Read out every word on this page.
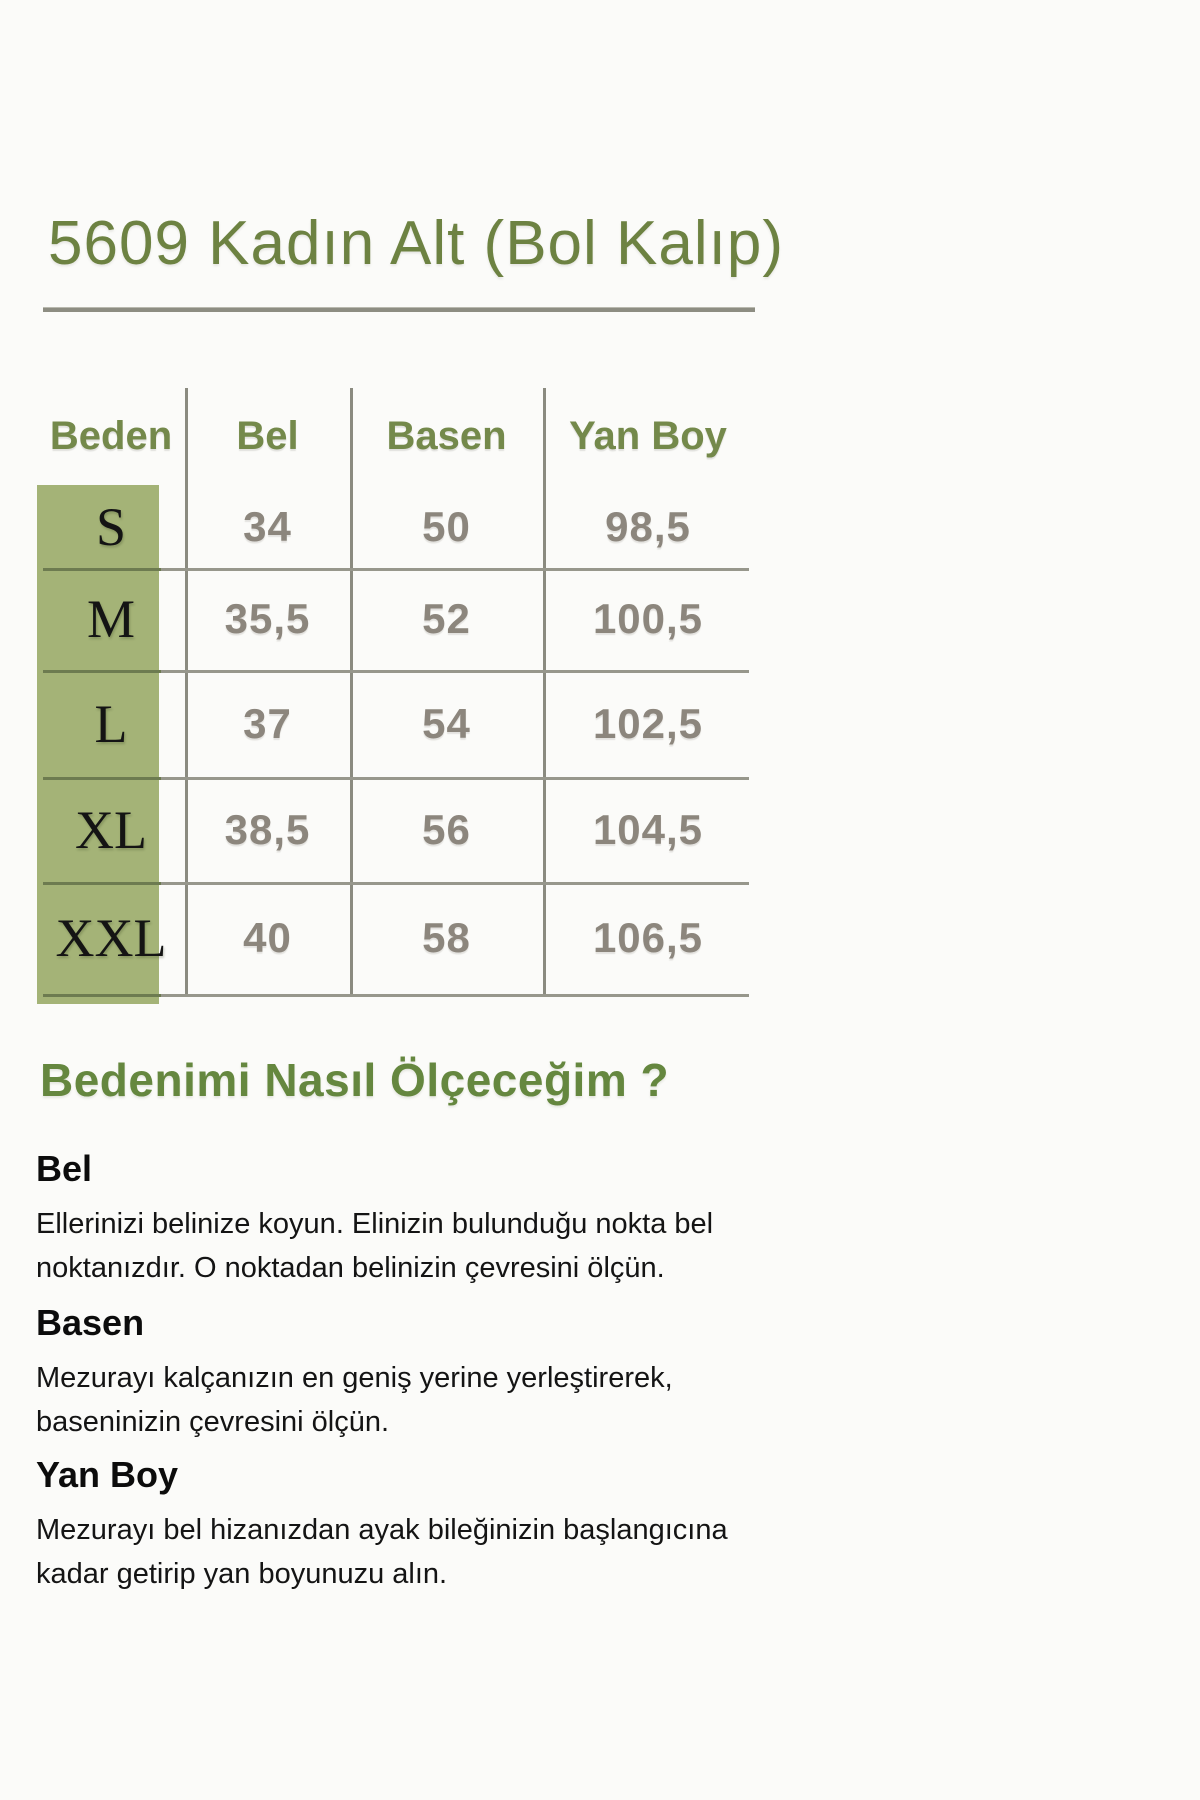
5609 Kadın Alt (Bol Kalıp)
Beden	Bel	Basen	Yan Boy
S	34	50	98,5
M	35,5	52	100,5
L	37	54	102,5
XL	38,5	56	104,5
XXL	40	58	106,5
Bedenimi Nasıl Ölçeceğim ?

Bel

Ellerinizi belinize koyun. Elinizin bulunduğu nokta bel
noktanızdır. O noktadan belinizin çevresini ölçün.

Basen

Mezurayı kalçanızın en geniş yerine yerleştirerek,
baseninizin çevresini ölçün.

Yan Boy

Mezurayı bel hizanızdan ayak bileğinizin başlangıcına
kadar getirip yan boyunuzu alın.
